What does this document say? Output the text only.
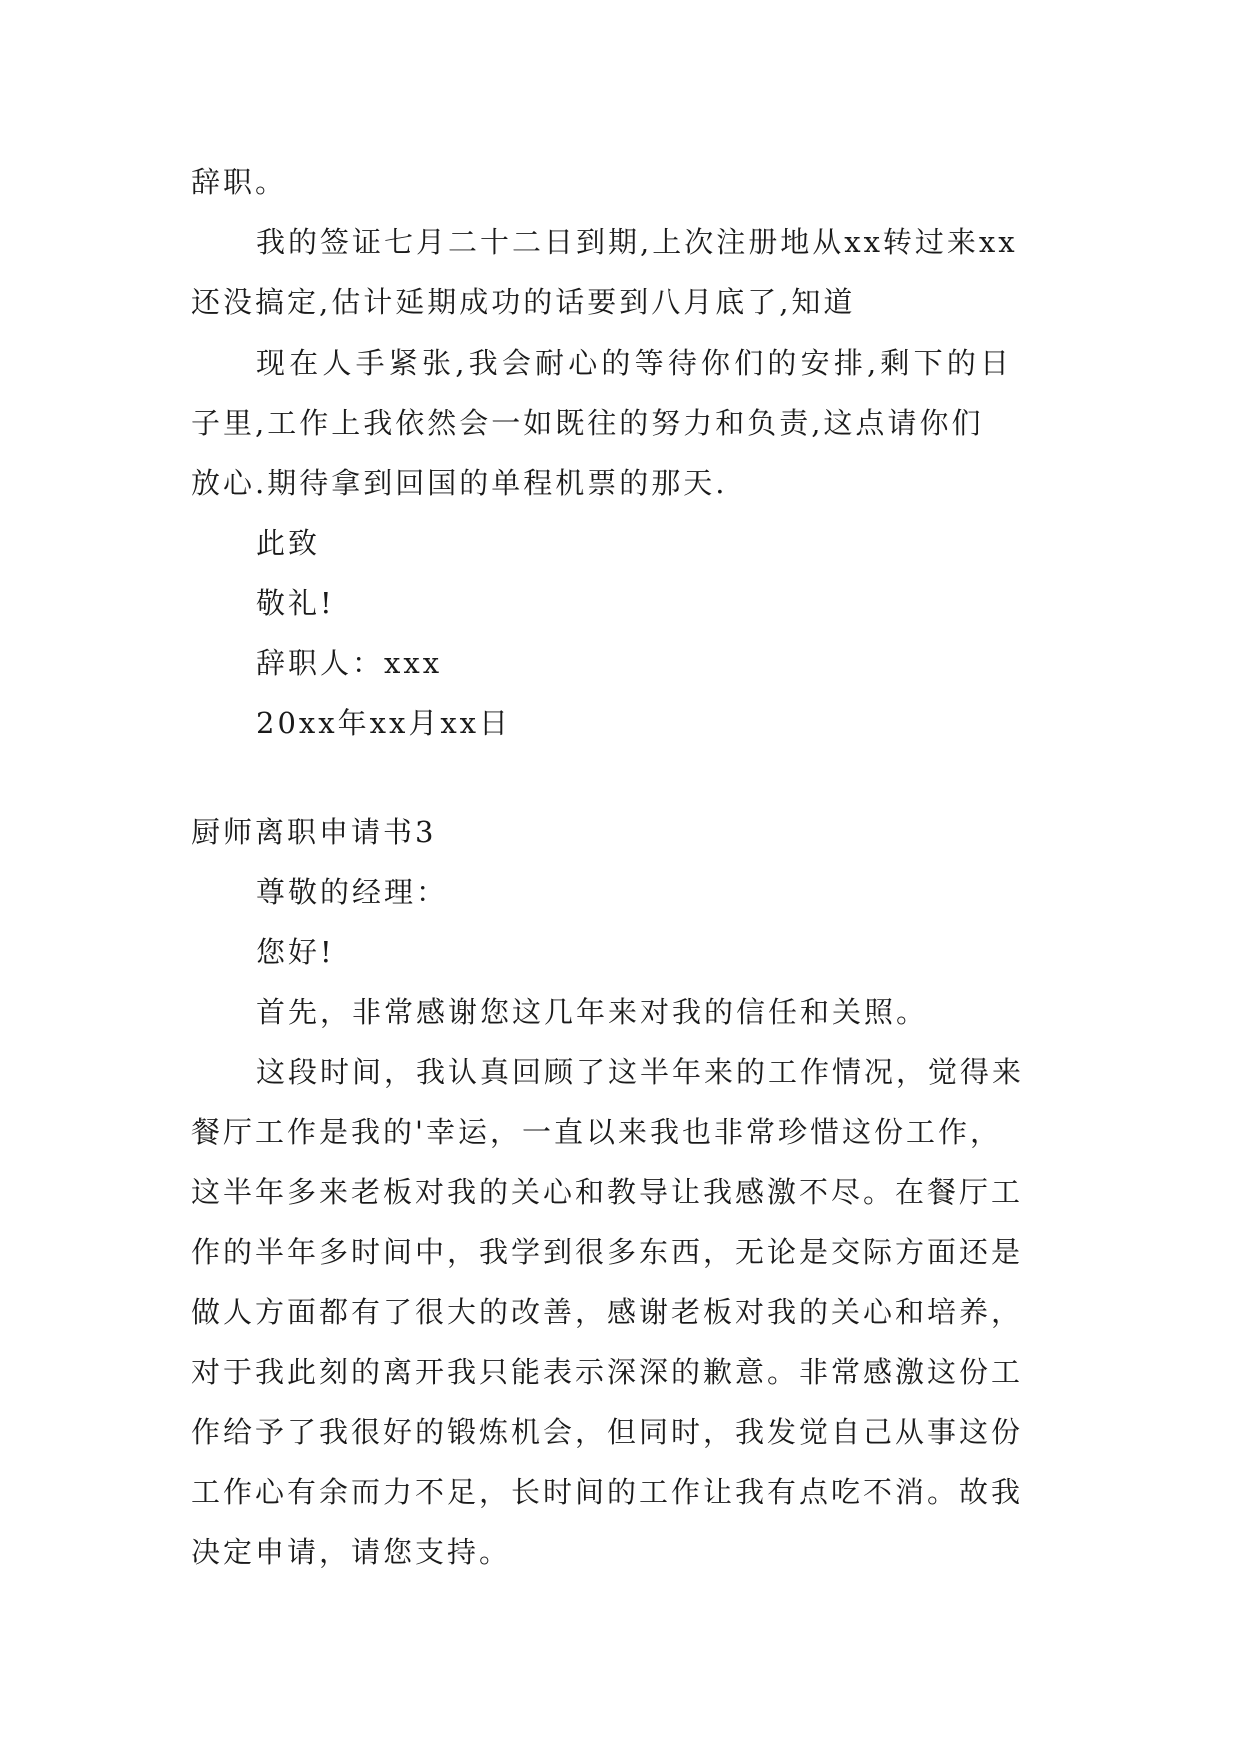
辞职。
我的签证七月二十二日到期,上次注册地从xx转过来xx
还没搞定,估计延期成功的话要到八月底了,知道
现在人手紧张,我会耐心的等待你们的安排,剩下的日
子里,工作上我依然会一如既往的努力和负责,这点请你们
放心.期待拿到回国的单程机票的那天.
此致
敬礼!
辞职人：xxx
20xx年xx月xx日
厨师离职申请书3
尊敬的经理：
您好!
首先，非常感谢您这几年来对我的信任和关照。
这段时间，我认真回顾了这半年来的工作情况，觉得来
餐厅工作是我的'幸运，一直以来我也非常珍惜这份工作，
这半年多来老板对我的关心和教导让我感激不尽。在餐厅工
作的半年多时间中，我学到很多东西，无论是交际方面还是
做人方面都有了很大的改善，感谢老板对我的关心和培养，
对于我此刻的离开我只能表示深深的歉意。非常感激这份工
作给予了我很好的锻炼机会，但同时，我发觉自己从事这份
工作心有余而力不足，长时间的工作让我有点吃不消。故我
决定申请，请您支持。
